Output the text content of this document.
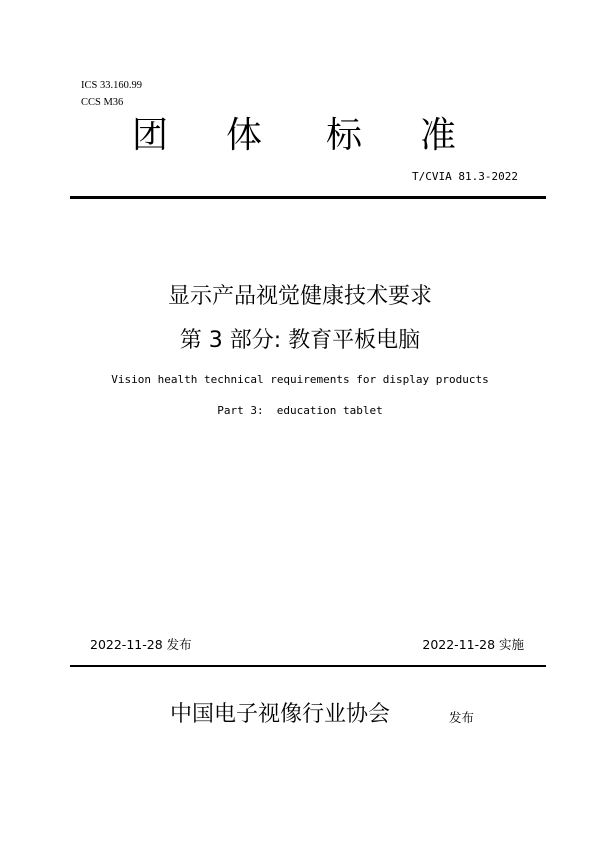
ICS 33.160.99
CCS M36
团 体 标 准
T/CVIA 81.3-2022
显示产品视觉健康技术要求
第 3 部分: 教育平板电脑
Vision health technical requirements for display products
Part 3:  education tablet
2022-11-28 发布	2022-11-28 实施
中国电子视像行业协会	发布
